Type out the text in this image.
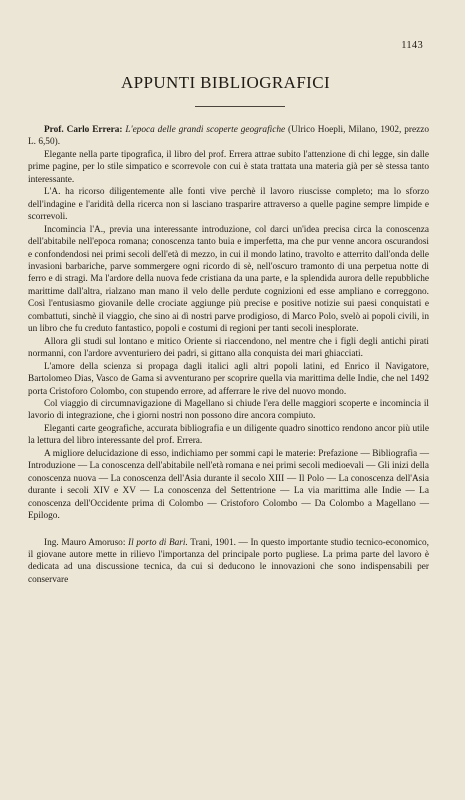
1143
APPUNTI BIBLIOGRAFICI

Prof. Carlo Errera: L'epoca delle grandi scoperte geografiche (Ulrico Hoepli, Milano, 1902, prezzo L. 6,50).

Elegante nella parte tipografica, il libro del prof. Errera attrae subito l'attenzione di chi legge, sin dalle prime pagine, per lo stile simpatico e scorrevole con cui è stata trattata una materia già per sè stessa tanto interessante.

L'A. ha ricorso diligentemente alle fonti vive perchè il lavoro riuscisse completo; ma lo sforzo dell'indagine e l'aridità della ricerca non si lasciano trasparire attraverso a quelle pagine sempre limpide e scorrevoli.

Incomincia l'A., previa una interessante introduzione, col darci un'idea precisa circa la conoscenza dell'abitabile nell'epoca romana; conoscenza tanto buia e imperfetta, ma che pur venne ancora oscurandosi e confondendosi nei primi secoli dell'età di mezzo, in cui il mondo latino, travolto e atterrito dall'onda delle invasioni barbariche, parve sommergere ogni ricordo di sè, nell'oscuro tramonto di una perpetua notte di ferro e di stragi. Ma l'ardore della nuova fede cristiana da una parte, e la splendida aurora delle repubbliche marittime dall'altra, rialzano man mano il velo delle perdute cognizioni ed esse ampliano e correggono. Così l'entusiasmo giovanile delle crociate aggiunge più precise e positive notizie sui paesi conquistati e combattuti, sinchè il viaggio, che sino ai dì nostri parve prodigioso, di Marco Polo, svelò ai popoli civili, in un libro che fu creduto fantastico, popoli e costumi di regioni per tanti secoli inesplorate.

Allora gli studi sul lontano e mitico Oriente si riaccendono, nel mentre che i figli degli antichi pirati normanni, con l'ardore avventuriero dei padri, si gittano alla conquista dei mari ghiacciati.

L'amore della scienza si propaga dagli italici agli altri popoli latini, ed Enrico il Navigatore, Bartolomeo Dias, Vasco de Gama si avventurano per scoprire quella via marittima delle Indie, che nel 1492 porta Cristoforo Colombo, con stupendo errore, ad afferrare le rive del nuovo mondo.

Col viaggio di circumnavigazione di Magellano si chiude l'era delle maggiori scoperte e incomincia il lavorio di integrazione, che i giorni nostri non possono dire ancora compiuto.

Eleganti carte geografiche, accurata bibliografia e un diligente quadro sinottico rendono ancor più utile la lettura del libro interessante del prof. Errera.

A migliore delucidazione di esso, indichiamo per sommi capi le materie: Prefazione — Bibliografia — Introduzione — La conoscenza dell'abitabile nell'età romana e nei primi secoli medioevali — Gli inizi della conoscenza nuova — La conoscenza dell'Asia durante il secolo XIII — Il Polo — La conoscenza dell'Asia durante i secoli XIV e XV — La conoscenza del Settentrione — La via marittima alle Indie — La conoscenza dell'Occidente prima di Colombo — Cristoforo Colombo — Da Colombo a Magellano — Epilogo.

Ing. Mauro Amoruso: Il porto di Bari. Trani, 1901. — In questo importante studio tecnico-economico, il giovane autore mette in rilievo l'importanza del principale porto pugliese. La prima parte del lavoro è dedicata ad una discussione tecnica, da cui si deducono le innovazioni che sono indispensabili per conservare
